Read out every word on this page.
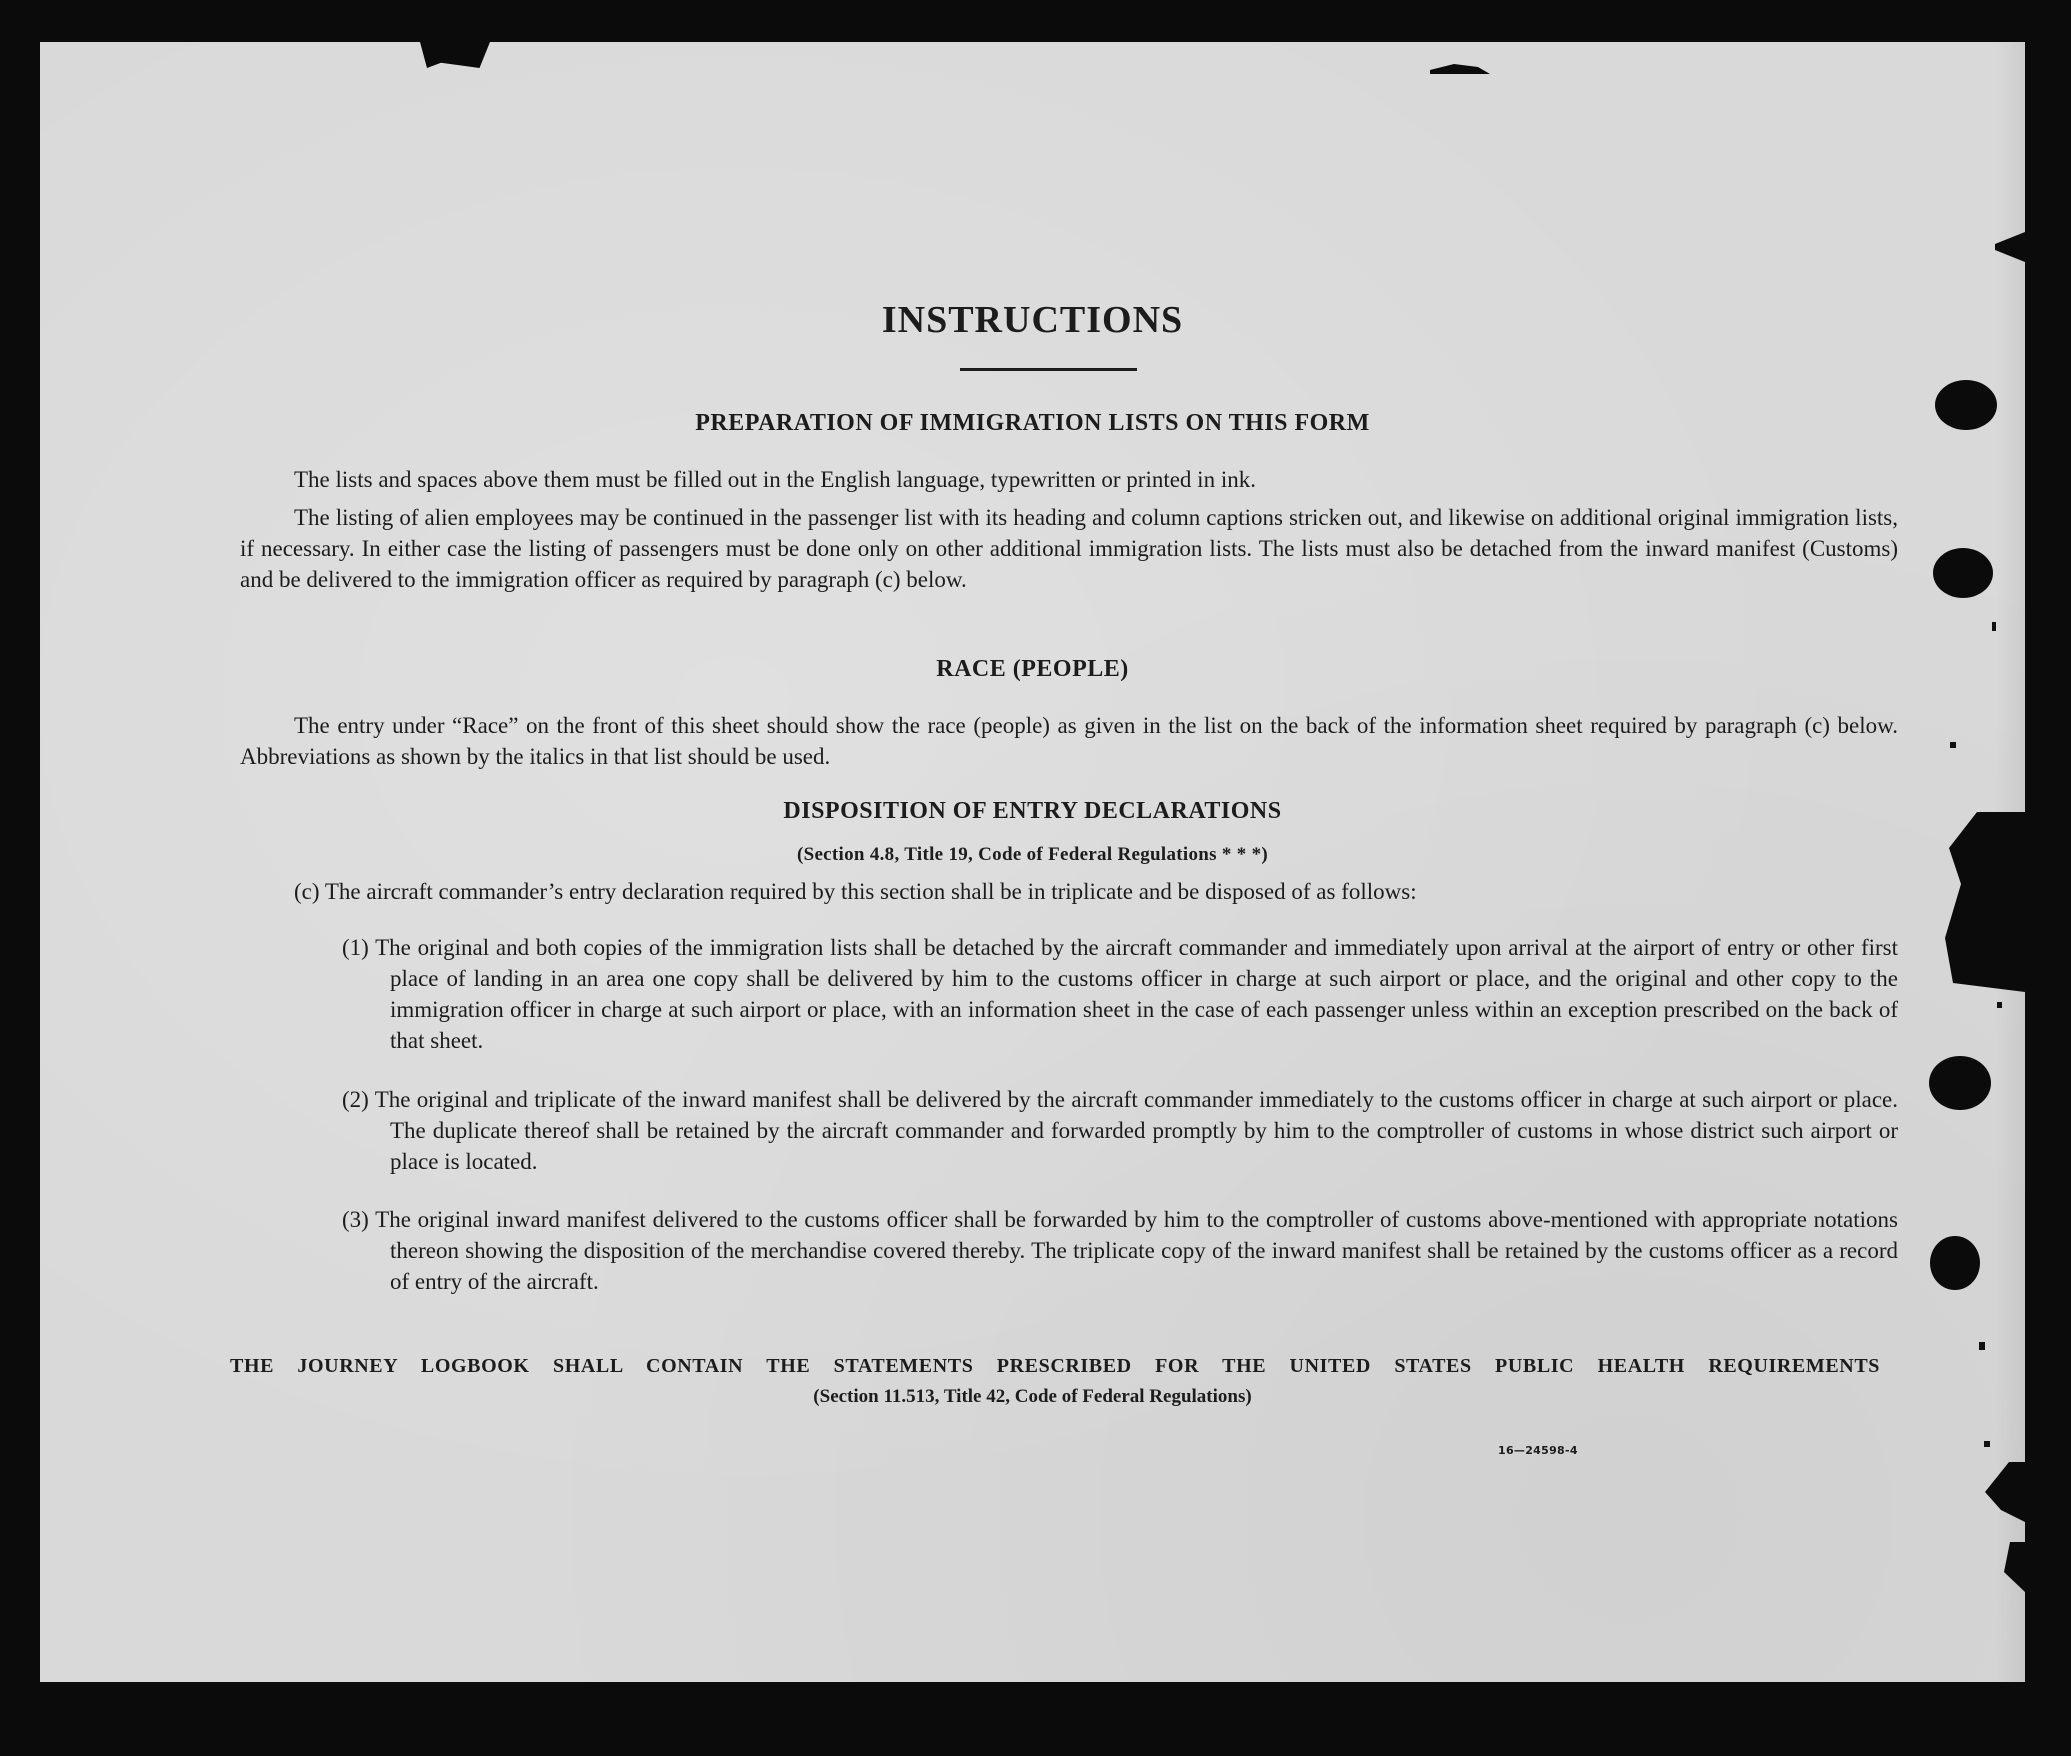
INSTRUCTIONS
PREPARATION OF IMMIGRATION LISTS ON THIS FORM
The lists and spaces above them must be filled out in the English language, typewritten or printed in ink.
The listing of alien employees may be continued in the passenger list with its heading and column captions stricken out, and likewise on additional original immigration lists, if necessary. In either case the listing of passengers must be done only on other additional immigration lists. The lists must also be detached from the inward manifest (Customs) and be delivered to the immigration officer as required by paragraph (c) below.
RACE (PEOPLE)
The entry under “Race” on the front of this sheet should show the race (people) as given in the list on the back of the information sheet required by paragraph (c) below. Abbreviations as shown by the italics in that list should be used.
DISPOSITION OF ENTRY DECLARATIONS
(Section 4.8, Title 19, Code of Federal Regulations * * *)
(c) The aircraft commander’s entry declaration required by this section shall be in triplicate and be disposed of as follows:
(1) The original and both copies of the immigration lists shall be detached by the aircraft commander and immediately upon arrival at the airport of entry or other first place of landing in an area one copy shall be delivered by him to the customs officer in charge at such airport or place, and the original and other copy to the immigration officer in charge at such airport or place, with an information sheet in the case of each passenger unless within an exception prescribed on the back of that sheet.
(2) The original and triplicate of the inward manifest shall be delivered by the aircraft commander immediately to the customs officer in charge at such airport or place. The duplicate thereof shall be retained by the aircraft commander and forwarded promptly by him to the comptroller of customs in whose district such airport or place is located.
(3) The original inward manifest delivered to the customs officer shall be forwarded by him to the comptroller of customs above-mentioned with appropriate notations thereon showing the disposition of the merchandise covered thereby. The triplicate copy of the inward manifest shall be retained by the customs officer as a record of entry of the aircraft.
THE JOURNEY LOGBOOK SHALL CONTAIN THE STATEMENTS PRESCRIBED FOR THE UNITED STATES PUBLIC HEALTH REQUIREMENTS
(Section 11.513, Title 42, Code of Federal Regulations)
16—24598-4
